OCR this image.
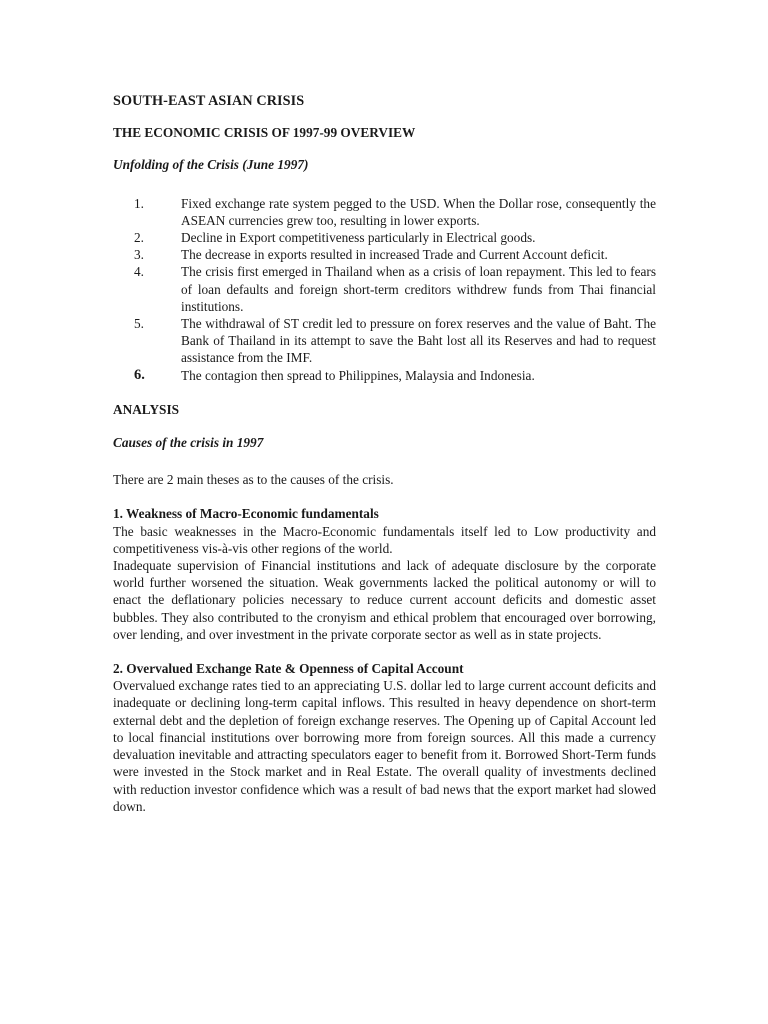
SOUTH-EAST ASIAN CRISIS
THE ECONOMIC CRISIS OF 1997-99 OVERVIEW
Unfolding of the Crisis (June 1997)
1.	Fixed exchange rate system pegged to the USD. When the Dollar rose, consequently the ASEAN currencies grew too, resulting in lower exports.
2.	Decline in Export competitiveness particularly in Electrical goods.
3.	The decrease in exports resulted in increased Trade and Current Account deficit.
4.	The crisis first emerged in Thailand when as a crisis of loan repayment. This led to fears of loan defaults and foreign short-term creditors withdrew funds from Thai financial institutions.
5.	The withdrawal of ST credit led to pressure on forex reserves and the value of Baht. The Bank of Thailand in its attempt to save the Baht lost all its Reserves and had to request assistance from the IMF.
6.	The contagion then spread to Philippines, Malaysia and Indonesia.
ANALYSIS
Causes of the crisis in 1997
There are 2 main theses as to the causes of the crisis.
1. Weakness of Macro-Economic fundamentals

The basic weaknesses in the Macro-Economic fundamentals itself led to Low productivity and competitiveness vis-à-vis other regions of the world.

Inadequate supervision of Financial institutions and lack of adequate disclosure by the corporate world further worsened the situation. Weak governments lacked the political autonomy or will to enact the deflationary policies necessary to reduce current account deficits and domestic asset bubbles. They also contributed to the cronyism and ethical problem that encouraged over borrowing, over lending, and over investment in the private corporate sector as well as in state projects.

2. Overvalued Exchange Rate & Openness of Capital Account

Overvalued exchange rates tied to an appreciating U.S. dollar led to large current account deficits and inadequate or declining long-term capital inflows. This resulted in heavy dependence on short-term external debt and the depletion of foreign exchange reserves. The Opening up of Capital Account led to local financial institutions over borrowing more from foreign sources. All this made a currency devaluation inevitable and attracting speculators eager to benefit from it. Borrowed Short-Term funds were invested in the Stock market and in Real Estate. The overall quality of investments declined with reduction investor confidence which was a result of bad news that the export market had slowed down.
